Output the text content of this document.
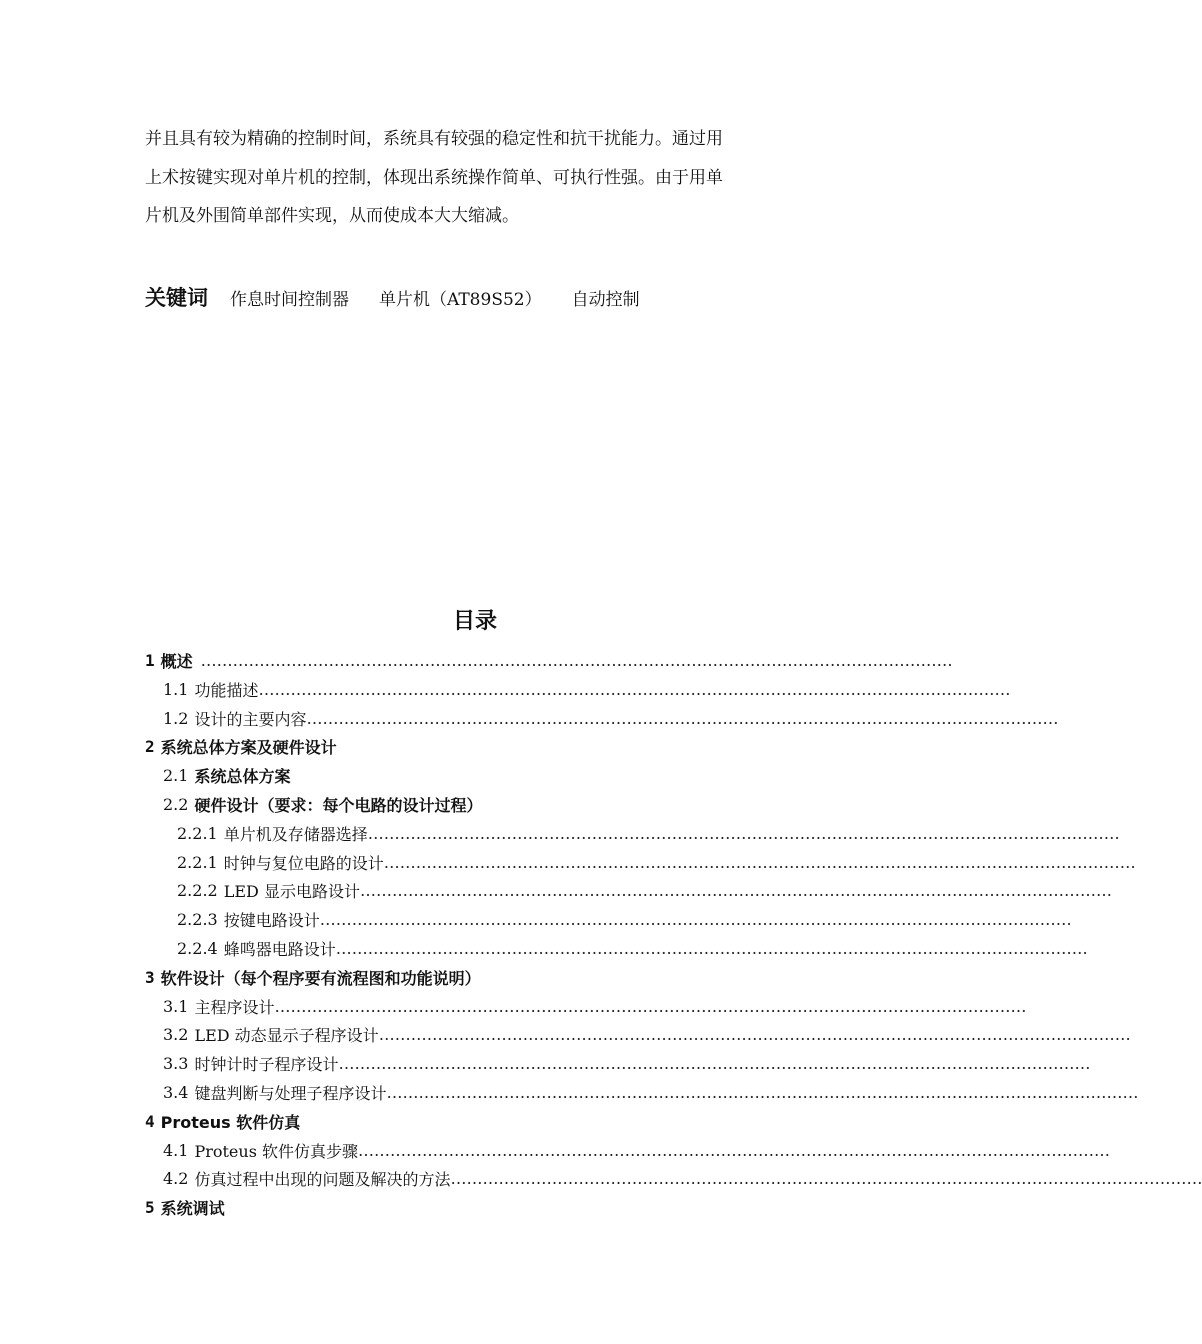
并且具有较为精确的控制时间，系统具有较强的稳定性和抗干扰能力。通过用

上术按键实现对单片机的控制，体现出系统操作简单、可执行性强。由于用单

片机及外围简单部件实现，从而使成本大大缩减。

关键词 作息时间控制器 单片机（AT89S52） 自动控制
目录
1 概述 ……………………………………………………………………………………………………………………………
1.1 功能描述 ……………………………………………………………………………………………………………………………
1.2 设计的主要内容 ……………………………………………………………………………………………………………………………
2 系统总体方案及硬件设计
2.1 系统总体方案
2.2 硬件设计（要求：每个电路的设计过程）
2.2.1 单片机及存储器选择 ……………………………………………………………………………………………………………………………
2.2.1 时钟与复位电路的设计 ……………………………………………………………………………………………………………………………
2.2.2 LED 显示电路设计 ……………………………………………………………………………………………………………………………
2.2.3 按键电路设计 ……………………………………………………………………………………………………………………………
2.2.4 蜂鸣器电路设计 ……………………………………………………………………………………………………………………………
3 软件设计（每个程序要有流程图和功能说明）
3.1 主程序设计 ……………………………………………………………………………………………………………………………
3.2 LED 动态显示子程序设计 ……………………………………………………………………………………………………………………………
3.3 时钟计时子程序设计 ……………………………………………………………………………………………………………………………
3.4 键盘判断与处理子程序设计 ……………………………………………………………………………………………………………………………
4 Proteus 软件仿真
4.1 Proteus 软件仿真步骤 ……………………………………………………………………………………………………………………………
4.2 仿真过程中出现的问题及解决的方法 ……………………………………………………………………………………………………………………………
5 系统调试
